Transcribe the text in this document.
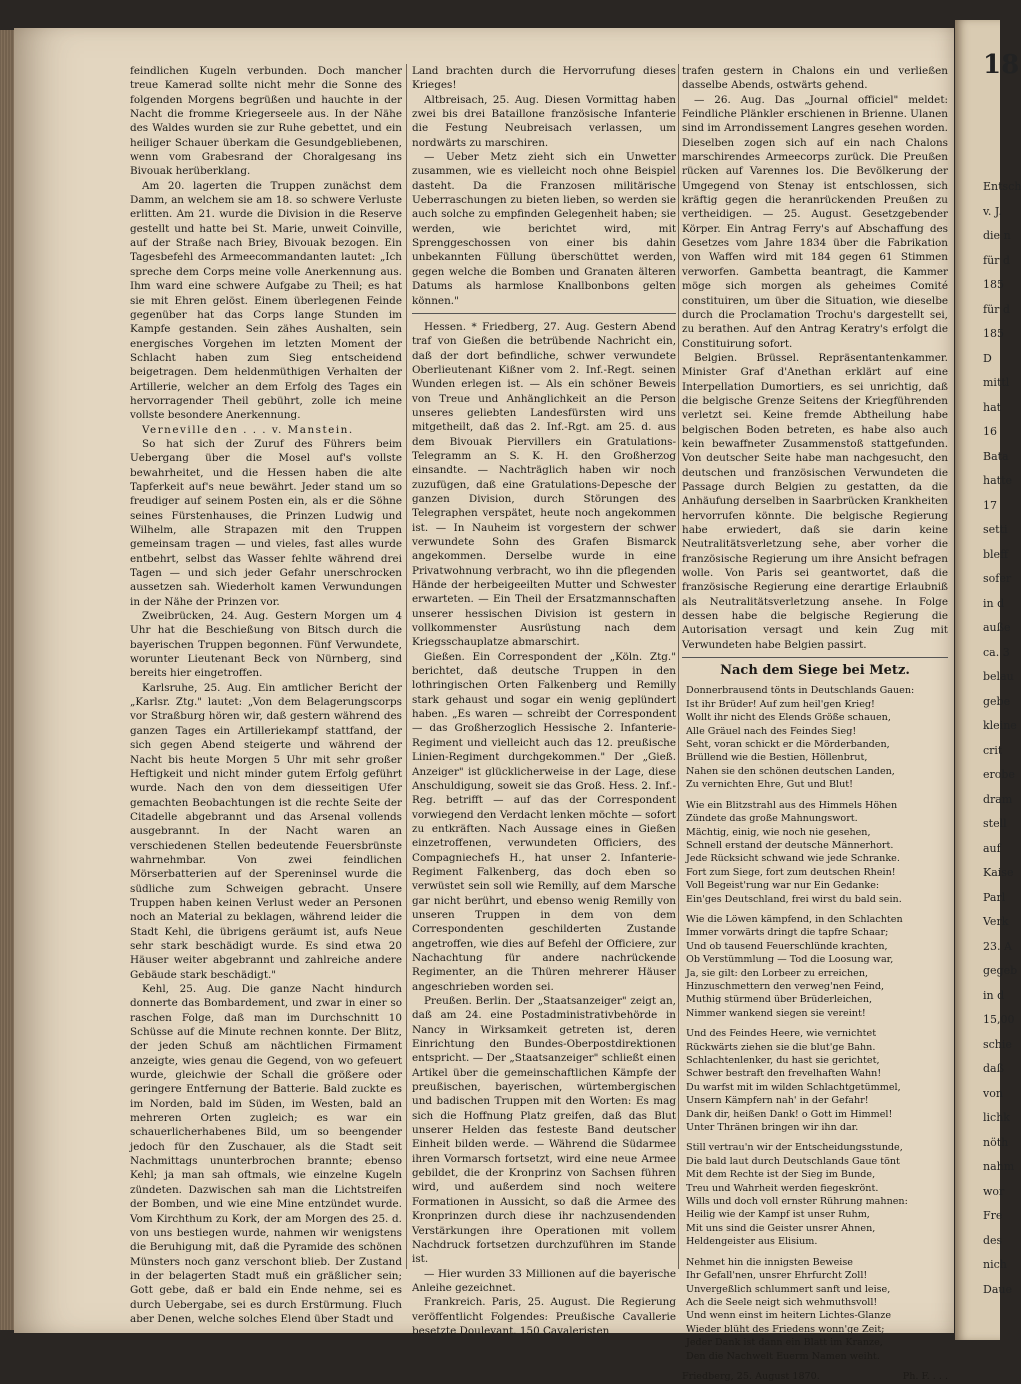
18
Entsch
v. J.
die n
für d
185
für d
185
D
mittl
hat
16
Bata
hatte
17
setti
bleff
sofer
in d
auße
ca. 3
belau
gebe
kleine
crit
erobe
dram
stell
auf
Kaise
Parl
Verk
23. A
gegeb
in d
15,00
schie
daß
von
lichk
nöth
nahm
wor
Fre
des
nich
Daue

feindlichen Kugeln verbunden. Doch mancher treue Kamerad sollte nicht mehr die Sonne des folgenden Morgens begrüßen und hauchte in der Nacht die fromme Kriegerseele aus. In der Nähe des Waldes wurden sie zur Ruhe gebettet, und ein heiliger Schauer überkam die Gesundgebliebenen, wenn vom Grabesrand der Choralgesang ins Bivouak herüberklang.

Am 20. lagerten die Truppen zunächst dem Damm, an welchem sie am 18. so schwere Verluste erlitten. Am 21. wurde die Division in die Reserve gestellt und hatte bei St. Marie, unweit Coinville, auf der Straße nach Briey, Bivouak bezogen. Ein Tagesbefehl des Armeecommandanten lautet: „Ich spreche dem Corps meine volle Anerkennung aus. Ihm ward eine schwere Aufgabe zu Theil; es hat sie mit Ehren gelöst. Einem überlegenen Feinde gegenüber hat das Corps lange Stunden im Kampfe gestanden. Sein zähes Aushalten, sein energisches Vorgehen im letzten Moment der Schlacht haben zum Sieg entscheidend beigetragen. Dem heldenmüthigen Verhalten der Artillerie, welcher an dem Erfolg des Tages ein hervorragender Theil gebührt, zolle ich meine vollste besondere Anerkennung.

Verneville den . . . v. Manstein.

So hat sich der Zuruf des Führers beim Uebergang über die Mosel auf's vollste bewahrheitet, und die Hessen haben die alte Tapferkeit auf's neue bewährt. Jeder stand um so freudiger auf seinem Posten ein, als er die Söhne seines Fürstenhauses, die Prinzen Ludwig und Wilhelm, alle Strapazen mit den Truppen gemeinsam tragen — und vieles, fast alles wurde entbehrt, selbst das Wasser fehlte während drei Tagen — und sich jeder Gefahr unerschrocken aussetzen sah. Wiederholt kamen Verwundungen in der Nähe der Prinzen vor.

Zweibrücken, 24. Aug. Gestern Morgen um 4 Uhr hat die Beschießung von Bitsch durch die bayerischen Truppen begonnen. Fünf Verwundete, worunter Lieutenant Beck von Nürnberg, sind bereits hier eingetroffen.

Karlsruhe, 25. Aug. Ein amtlicher Bericht der „Karlsr. Ztg." lautet: „Von dem Belagerungscorps vor Straßburg hören wir, daß gestern während des ganzen Tages ein Artilleriekampf stattfand, der sich gegen Abend steigerte und während der Nacht bis heute Morgen 5 Uhr mit sehr großer Heftigkeit und nicht minder gutem Erfolg geführt wurde. Nach den von dem diesseitigen Ufer gemachten Beobachtungen ist die rechte Seite der Citadelle abgebrannt und das Arsenal vollends ausgebrannt. In der Nacht waren an verschiedenen Stellen bedeutende Feuersbrünste wahrnehmbar. Von zwei feindlichen Mörserbatterien auf der Spereninsel wurde die südliche zum Schweigen gebracht. Unsere Truppen haben keinen Verlust weder an Personen noch an Material zu beklagen, während leider die Stadt Kehl, die übrigens geräumt ist, aufs Neue sehr stark beschädigt wurde. Es sind etwa 20 Häuser weiter abgebrannt und zahlreiche andere Gebäude stark beschädigt."

Kehl, 25. Aug. Die ganze Nacht hindurch donnerte das Bombardement, und zwar in einer so raschen Folge, daß man im Durchschnitt 10 Schüsse auf die Minute rechnen konnte. Der Blitz, der jeden Schuß am nächtlichen Firmament anzeigte, wies genau die Gegend, von wo gefeuert wurde, gleichwie der Schall die größere oder geringere Entfernung der Batterie. Bald zuckte es im Norden, bald im Süden, im Westen, bald an mehreren Orten zugleich; es war ein schauerlicherhabenes Bild, um so beengender jedoch für den Zuschauer, als die Stadt seit Nachmittags ununterbrochen brannte; ebenso Kehl; ja man sah oftmals, wie einzelne Kugeln zündeten. Dazwischen sah man die Lichtstreifen der Bomben, und wie eine Mine entzündet wurde. Vom Kirchthum zu Kork, der am Morgen des 25. d. von uns bestiegen wurde, nahmen wir wenigstens die Beruhigung mit, daß die Pyramide des schönen Münsters noch ganz verschont blieb. Der Zustand in der belagerten Stadt muß ein gräßlicher sein; Gott gebe, daß er bald ein Ende nehme, sei es durch Uebergabe, sei es durch Erstürmung. Fluch aber Denen, welche solches Elend über Stadt und

Land brachten durch die Hervorrufung dieses Krieges!

Altbreisach, 25. Aug. Diesen Vormittag haben zwei bis drei Bataillone französische Infanterie die Festung Neubreisach verlassen, um nordwärts zu marschiren.

— Ueber Metz zieht sich ein Unwetter zusammen, wie es vielleicht noch ohne Beispiel dasteht. Da die Franzosen militärische Ueberraschungen zu bieten lieben, so werden sie auch solche zu empfinden Gelegenheit haben; sie werden, wie berichtet wird, mit Sprenggeschossen von einer bis dahin unbekannten Füllung überschüttet werden, gegen welche die Bomben und Granaten älteren Datums als harmlose Knallbonbons gelten können."

Hessen. * Friedberg, 27. Aug. Gestern Abend traf von Gießen die betrübende Nachricht ein, daß der dort befindliche, schwer verwundete Oberlieutenant Kißner vom 2. Inf.-Regt. seinen Wunden erlegen ist. — Als ein schöner Beweis von Treue und Anhänglichkeit an die Person unseres geliebten Landesfürsten wird uns mitgetheilt, daß das 2. Inf.-Rgt. am 25. d. aus dem Bivouak Piervillers ein Gratulations-Telegramm an S. K. H. den Großherzog einsandte. — Nachträglich haben wir noch zuzufügen, daß eine Gratulations-Depesche der ganzen Division, durch Störungen des Telegraphen verspätet, heute noch angekommen ist. — In Nauheim ist vorgestern der schwer verwundete Sohn des Grafen Bismarck angekommen. Derselbe wurde in eine Privatwohnung verbracht, wo ihn die pflegenden Hände der herbeigeeilten Mutter und Schwester erwarteten. — Ein Theil der Ersatzmannschaften unserer hessischen Division ist gestern in vollkommenster Ausrüstung nach dem Kriegsschauplatze abmarschirt.

Gießen. Ein Correspondent der „Köln. Ztg." berichtet, daß deutsche Truppen in den lothringischen Orten Falkenberg und Remilly stark gehaust und sogar ein wenig geplündert haben. „Es waren — schreibt der Correspondent — das Großherzoglich Hessische 2. Infanterie-Regiment und vielleicht auch das 12. preußische Linien-Regiment durchgekommen." Der „Gieß. Anzeiger" ist glücklicherweise in der Lage, diese Anschuldigung, soweit sie das Groß. Hess. 2. Inf.-Reg. betrifft — auf das der Correspondent vorwiegend den Verdacht lenken möchte — sofort zu entkräften. Nach Aussage eines in Gießen einzetroffenen, verwundeten Officiers, des Compagniechefs H., hat unser 2. Infanterie-Regiment Falkenberg, das doch eben so verwüstet sein soll wie Remilly, auf dem Marsche gar nicht berührt, und ebenso wenig Remilly von unseren Truppen in dem von dem Correspondenten geschilderten Zustande angetroffen, wie dies auf Befehl der Officiere, zur Nachachtung für andere nachrückende Regimenter, an die Thüren mehrerer Häuser angeschrieben worden sei.

Preußen. Berlin. Der „Staatsanzeiger" zeigt an, daß am 24. eine Postadministrativbehörde in Nancy in Wirksamkeit getreten ist, deren Einrichtung den Bundes-Oberpostdirektionen entspricht. — Der „Staatsanzeiger" schließt einen Artikel über die gemeinschaftlichen Kämpfe der preußischen, bayerischen, würtembergischen und badischen Truppen mit den Worten: Es mag sich die Hoffnung Platz greifen, daß das Blut unserer Helden das festeste Band deutscher Einheit bilden werde. — Während die Südarmee ihren Vormarsch fortsetzt, wird eine neue Armee gebildet, die der Kronprinz von Sachsen führen wird, und außerdem sind noch weitere Formationen in Aussicht, so daß die Armee des Kronprinzen durch diese ihr nachzusendenden Verstärkungen ihre Operationen mit vollem Nachdruck fortsetzen durchzuführen im Stande ist.

— Hier wurden 33 Millionen auf die bayerische Anleihe gezeichnet.

Frankreich. Paris, 25. August. Die Regierung veröffentlicht Folgendes: Preußische Cavallerie besetzte Doulevant. 150 Cavaleristen

trafen gestern in Chalons ein und verließen dasselbe Abends, ostwärts gehend.

— 26. Aug. Das „Journal officiel" meldet: Feindliche Plänkler erschienen in Brienne. Ulanen sind im Arrondissement Langres gesehen worden. Dieselben zogen sich auf ein nach Chalons marschirendes Armeecorps zurück. Die Preußen rücken auf Varennes los. Die Bevölkerung der Umgegend von Stenay ist entschlossen, sich kräftig gegen die heranrückenden Preußen zu vertheidigen. — 25. August. Gesetzgebender Körper. Ein Antrag Ferry's auf Abschaffung des Gesetzes vom Jahre 1834 über die Fabrikation von Waffen wird mit 184 gegen 61 Stimmen verworfen. Gambetta beantragt, die Kammer möge sich morgen als geheimes Comité constituiren, um über die Situation, wie dieselbe durch die Proclamation Trochu's dargestellt sei, zu berathen. Auf den Antrag Keratry's erfolgt die Constituirung sofort.

Belgien. Brüssel. Repräsentantenkammer. Minister Graf d'Anethan erklärt auf eine Interpellation Dumortiers, es sei unrichtig, daß die belgische Grenze Seitens der Kriegführenden verletzt sei. Keine fremde Abtheilung habe belgischen Boden betreten, es habe also auch kein bewaffneter Zusammenstoß stattgefunden. Von deutscher Seite habe man nachgesucht, den deutschen und französischen Verwundeten die Passage durch Belgien zu gestatten, da die Anhäufung derselben in Saarbrücken Krankheiten hervorrufen könnte. Die belgische Regierung habe erwiedert, daß sie darin keine Neutralitätsverletzung sehe, aber vorher die französische Regierung um ihre Ansicht befragen wolle. Von Paris sei geantwortet, daß die französische Regierung eine derartige Erlaubniß als Neutralitätsverletzung ansehe. In Folge dessen habe die belgische Regierung die Autorisation versagt und kein Zug mit Verwundeten habe Belgien passirt.

Nach dem Siege bei Metz.
Donnerbrausend tönts in Deutschlands Gauen:
Ist ihr Brüder! Auf zum heil'gen Krieg!
Wollt ihr nicht des Elends Größe schauen,
Alle Gräuel nach des Feindes Sieg!
Seht, voran schickt er die Mörderbanden,
Brüllend wie die Bestien, Höllenbrut,
Nahen sie den schönen deutschen Landen,
Zu vernichten Ehre, Gut und Blut!
Wie ein Blitzstrahl aus des Himmels Höhen
Zündete das große Mahnungswort.
Mächtig, einig, wie noch nie gesehen,
Schnell erstand der deutsche Männerhort.
Jede Rücksicht schwand wie jede Schranke.
Fort zum Siege, fort zum deutschen Rhein!
Voll Begeist'rung war nur Ein Gedanke:
Ein'ges Deutschland, frei wirst du bald sein.
Wie die Löwen kämpfend, in den Schlachten
Immer vorwärts dringt die tapfre Schaar;
Und ob tausend Feuerschlünde krachten,
Ob Verstümmlung — Tod die Loosung war,
Ja, sie gilt: den Lorbeer zu erreichen,
Hinzuschmettern den verweg'nen Feind,
Muthig stürmend über Brüderleichen,
Nimmer wankend siegen sie vereint!
Und des Feindes Heere, wie vernichtet
Rückwärts ziehen sie die blut'ge Bahn.
Schlachtenlenker, du hast sie gerichtet,
Schwer bestraft den frevelhaften Wahn!
Du warfst mit im wilden Schlachtgetümmel,
Unsern Kämpfern nah' in der Gefahr!
Dank dir, heißen Dank! o Gott im Himmel!
Unter Thränen bringen wir ihn dar.
Still vertrau'n wir der Entscheidungsstunde,
Die bald laut durch Deutschlands Gaue tönt
Mit dem Rechte ist der Sieg im Bunde,
Treu und Wahrheit werden fiegeskrönt.
Wills und doch voll ernster Rührung mahnen:
Heilig wie der Kampf ist unser Ruhm,
Mit uns sind die Geister unsrer Ahnen,
Heldengeister aus Elisium.
Nehmet hin die innigsten Beweise
Ihr Gefall'nen, unsrer Ehrfurcht Zoll!
Unvergeßlich schlummert sanft und leise,
Ach die Seele neigt sich wehmuthsvoll!
Und wenn einst im heitern Lichtes-Glanze
Wieder blüht des Friedens wonn'ge Zeit;
Jeder Dank ist dann ein Blatt im Kranze,
Den die Nachwelt Euerm Namen weiht.
Friedberg, 25. August 1870.	Ph. F. . . .
